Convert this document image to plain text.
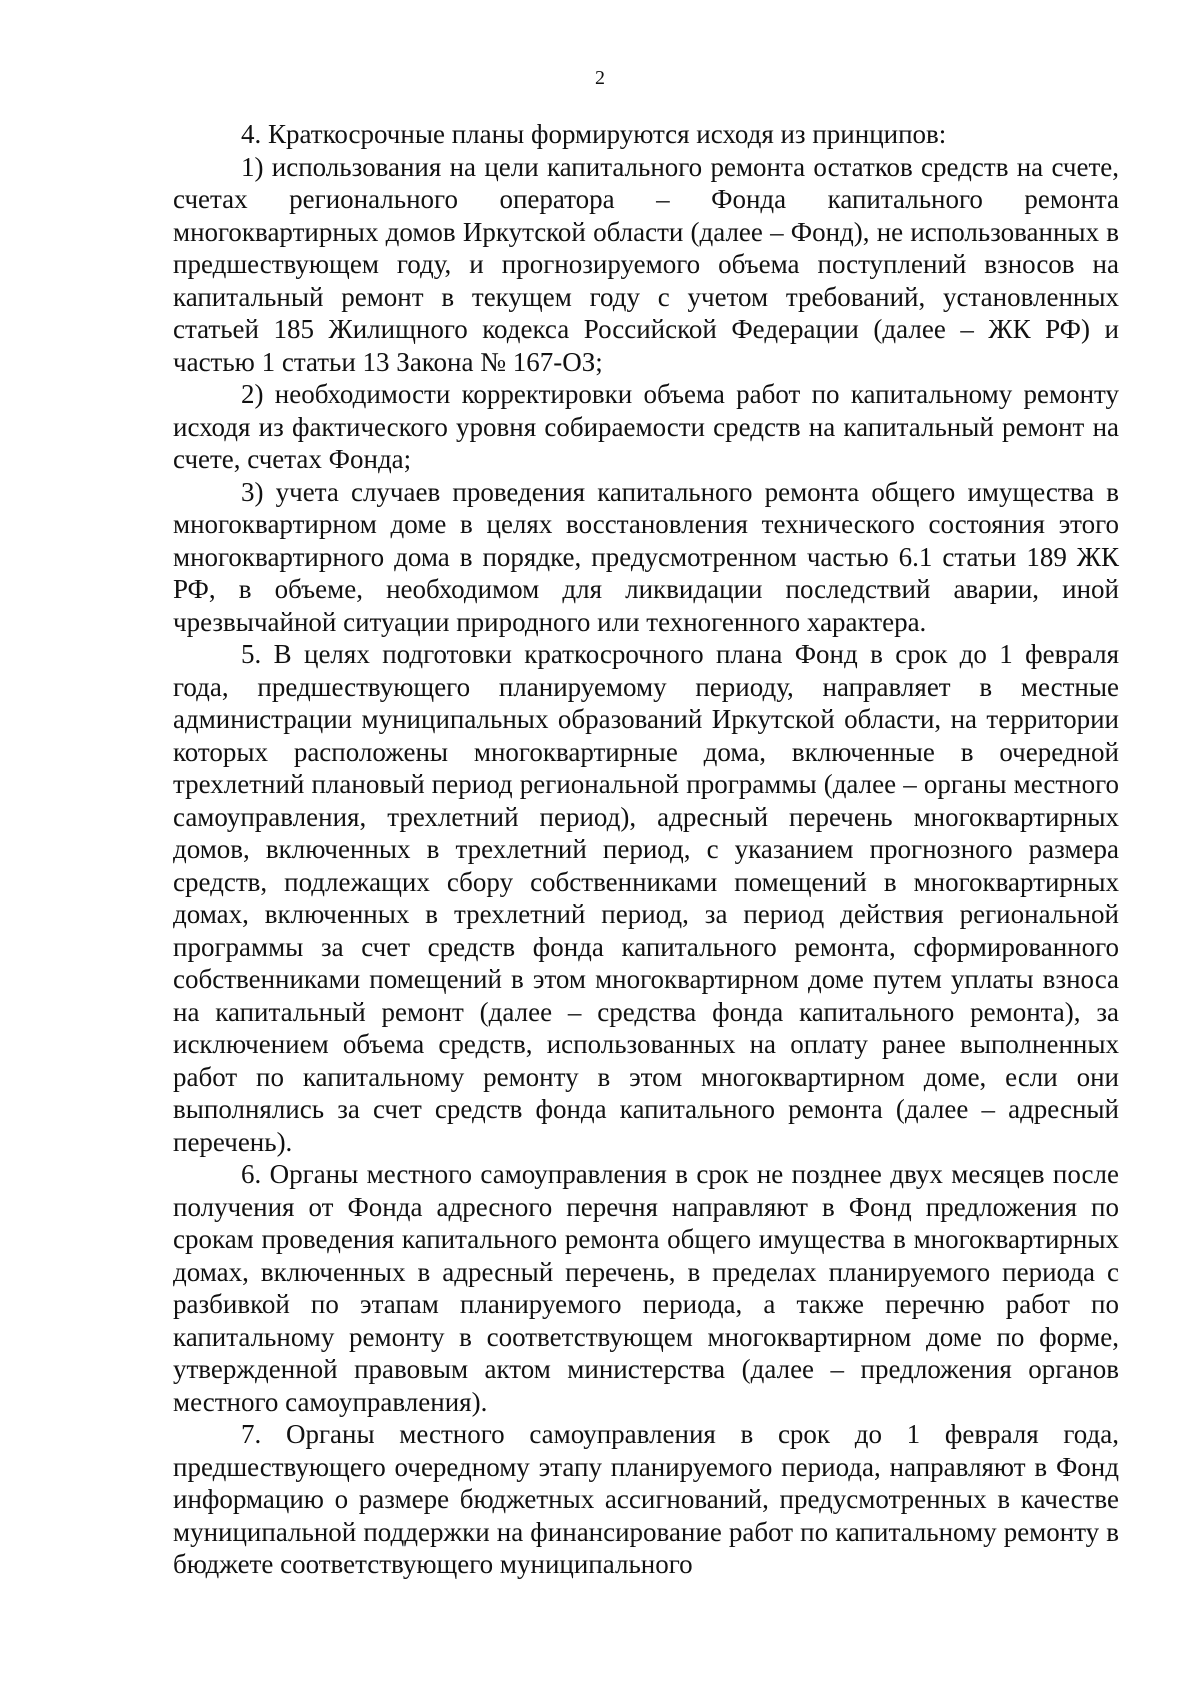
2

4. Краткосрочные планы формируются исходя из принципов:

1) использования на цели капитального ремонта остатков средств на счете, счетах регионального оператора – Фонда капитального ремонта многоквартирных домов Иркутской области (далее – Фонд), не использованных в предшествующем году, и прогнозируемого объема поступлений взносов на капитальный ремонт в текущем году с учетом требований, установленных статьей 185 Жилищного кодекса Российской Федерации (далее – ЖК РФ) и частью 1 статьи 13 Закона № 167-ОЗ;

2) необходимости корректировки объема работ по капитальному ремонту исходя из фактического уровня собираемости средств на капитальный ремонт на счете, счетах Фонда;

3) учета случаев проведения капитального ремонта общего имущества в многоквартирном доме в целях восстановления технического состояния этого многоквартирного дома в порядке, предусмотренном частью 6.1 статьи 189 ЖК РФ, в объеме, необходимом для ликвидации последствий аварии, иной чрезвычайной ситуации природного или техногенного характера.

5. В целях подготовки краткосрочного плана Фонд в срок до 1 февраля года, предшествующего планируемому периоду, направляет в местные администрации муниципальных образований Иркутской области, на территории которых расположены многоквартирные дома, включенные в очередной трехлетний плановый период региональной программы (далее – органы местного самоуправления, трехлетний период), адресный перечень многоквартирных домов, включенных в трехлетний период, с указанием прогнозного размера средств, подлежащих сбору собственниками помещений в многоквартирных домах, включенных в трехлетний период, за период действия региональной программы за счет средств фонда капитального ремонта, сформированного собственниками помещений в этом многоквартирном доме путем уплаты взноса на капитальный ремонт (далее – средства фонда капитального ремонта), за исключением объема средств, использованных на оплату ранее выполненных работ по капитальному ремонту в этом многоквартирном доме, если они выполнялись за счет средств фонда капитального ремонта (далее – адресный перечень).

6. Органы местного самоуправления в срок не позднее двух месяцев после получения от Фонда адресного перечня направляют в Фонд предложения по срокам проведения капитального ремонта общего имущества в многоквартирных домах, включенных в адресный перечень, в пределах планируемого периода с разбивкой по этапам планируемого периода, а также перечню работ по капитальному ремонту в соответствующем многоквартирном доме по форме, утвержденной правовым актом министерства (далее – предложения органов местного самоуправления).

7. Органы местного самоуправления в срок до 1 февраля года, предшествующего очередному этапу планируемого периода, направляют в Фонд информацию о размере бюджетных ассигнований, предусмотренных в качестве муниципальной поддержки на финансирование работ по капитальному ремонту в бюджете соответствующего муниципального
